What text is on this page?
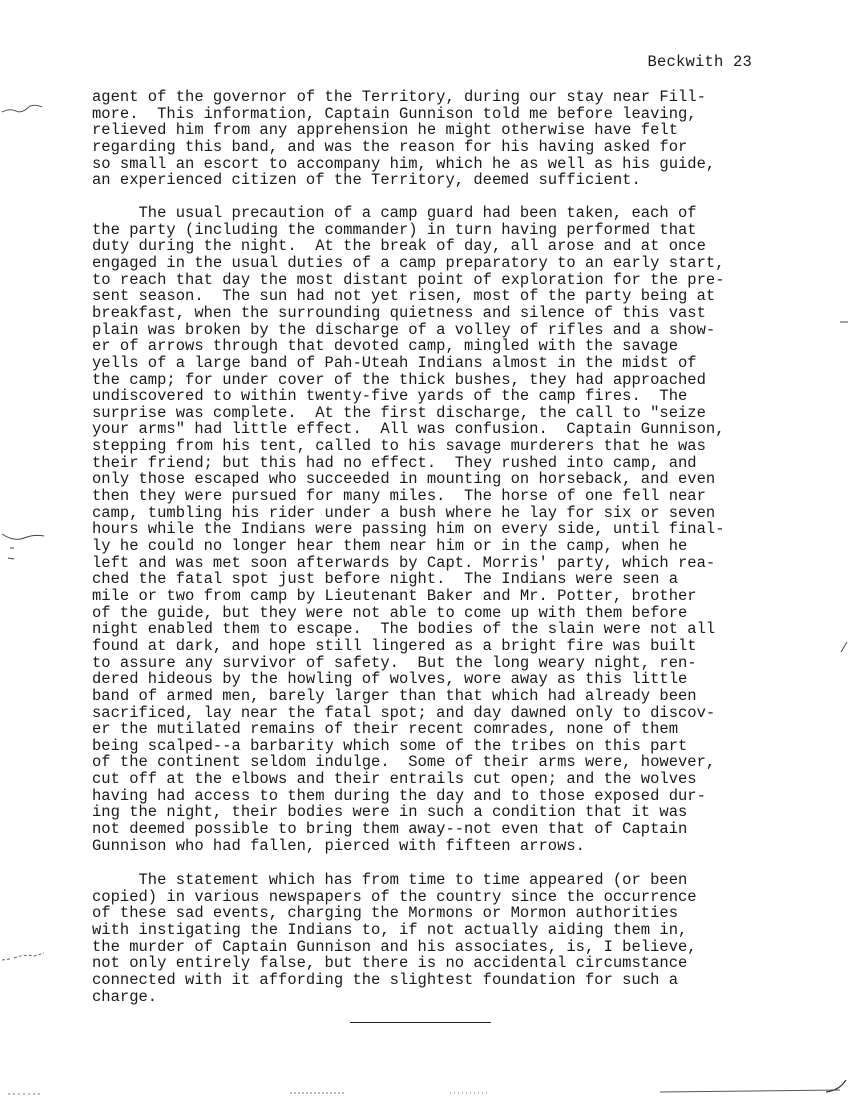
Beckwith 23
agent of the governor of the Territory, during our stay near Fill-
more.  This information, Captain Gunnison told me before leaving,
relieved him from any apprehension he might otherwise have felt
regarding this band, and was the reason for his having asked for
so small an escort to accompany him, which he as well as his guide,
an experienced citizen of the Territory, deemed sufficient.
The usual precaution of a camp guard had been taken, each of
the party (including the commander) in turn having performed that
duty during the night.  At the break of day, all arose and at once
engaged in the usual duties of a camp preparatory to an early start,
to reach that day the most distant point of exploration for the pre-
sent season.  The sun had not yet risen, most of the party being at
breakfast, when the surrounding quietness and silence of this vast
plain was broken by the discharge of a volley of rifles and a show-
er of arrows through that devoted camp, mingled with the savage
yells of a large band of Pah-Uteah Indians almost in the midst of
the camp; for under cover of the thick bushes, they had approached
undiscovered to within twenty-five yards of the camp fires.  The
surprise was complete.  At the first discharge, the call to "seize
your arms" had little effect.  All was confusion.  Captain Gunnison,
stepping from his tent, called to his savage murderers that he was
their friend; but this had no effect.  They rushed into camp, and
only those escaped who succeeded in mounting on horseback, and even
then they were pursued for many miles.  The horse of one fell near
camp, tumbling his rider under a bush where he lay for six or seven
hours while the Indians were passing him on every side, until final-
ly he could no longer hear them near him or in the camp, when he
left and was met soon afterwards by Capt. Morris' party, which rea-
ched the fatal spot just before night.  The Indians were seen a
mile or two from camp by Lieutenant Baker and Mr. Potter, brother
of the guide, but they were not able to come up with them before
night enabled them to escape.  The bodies of the slain were not all
found at dark, and hope still lingered as a bright fire was built
to assure any survivor of safety.  But the long weary night, ren-
dered hideous by the howling of wolves, wore away as this little
band of armed men, barely larger than that which had already been
sacrificed, lay near the fatal spot; and day dawned only to discov-
er the mutilated remains of their recent comrades, none of them
being scalped--a barbarity which some of the tribes on this part
of the continent seldom indulge.  Some of their arms were, however,
cut off at the elbows and their entrails cut open; and the wolves
having had access to them during the day and to those exposed dur-
ing the night, their bodies were in such a condition that it was
not deemed possible to bring them away--not even that of Captain
Gunnison who had fallen, pierced with fifteen arrows.
The statement which has from time to time appeared (or been
copied) in various newspapers of the country since the occurrence
of these sad events, charging the Mormons or Mormon authorities
with instigating the Indians to, if not actually aiding them in,
the murder of Captain Gunnison and his associates, is, I believe,
not only entirely false, but there is no accidental circumstance
connected with it affording the slightest foundation for such a
charge.
